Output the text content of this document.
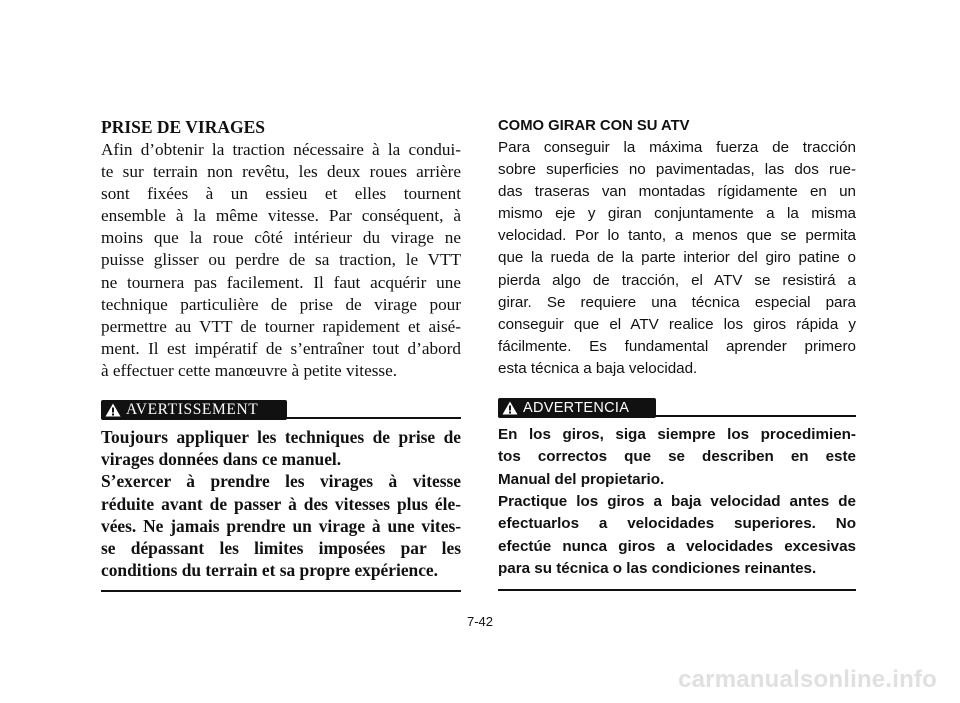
PRISE DE VIRAGES
Afin d’obtenir la traction nécessaire à la condui-
te sur terrain non revêtu, les deux roues arrière
sont fixées à un essieu et elles tournent
ensemble à la même vitesse. Par conséquent, à
moins que la roue côté intérieur du virage ne
puisse glisser ou perdre de sa traction, le VTT
ne tournera pas facilement. Il faut acquérir une
technique particulière de prise de virage pour
permettre au VTT de tourner rapidement et aisé-
ment. Il est impératif de s’entraîner tout d’abord
à effectuer cette manœuvre à petite vitesse.
AVERTISSEMENT
Toujours appliquer les techniques de prise de
virages données dans ce manuel.
S’exercer à prendre les virages à vitesse
réduite avant de passer à des vitesses plus éle-
vées. Ne jamais prendre un virage à une vites-
se dépassant les limites imposées par les
conditions du terrain et sa propre expérience.
COMO GIRAR CON SU ATV
Para conseguir la máxima fuerza de tracción
sobre superficies no pavimentadas, las dos rue-
das traseras van montadas rígidamente en un
mismo eje y giran conjuntamente a la misma
velocidad. Por lo tanto, a menos que se permita
que la rueda de la parte interior del giro patine o
pierda algo de tracción, el ATV se resistirá a
girar. Se requiere una técnica especial para
conseguir que el ATV realice los giros rápida y
fácilmente. Es fundamental aprender primero
esta técnica a baja velocidad.
ADVERTENCIA
En los giros, siga siempre los procedimien-
tos correctos que se describen en este
Manual del propietario.
Practique los giros a baja velocidad antes de
efectuarlos a velocidades superiores. No
efectúe nunca giros a velocidades excesivas
para su técnica o las condiciones reinantes.
7-42
carmanualsonline.info
